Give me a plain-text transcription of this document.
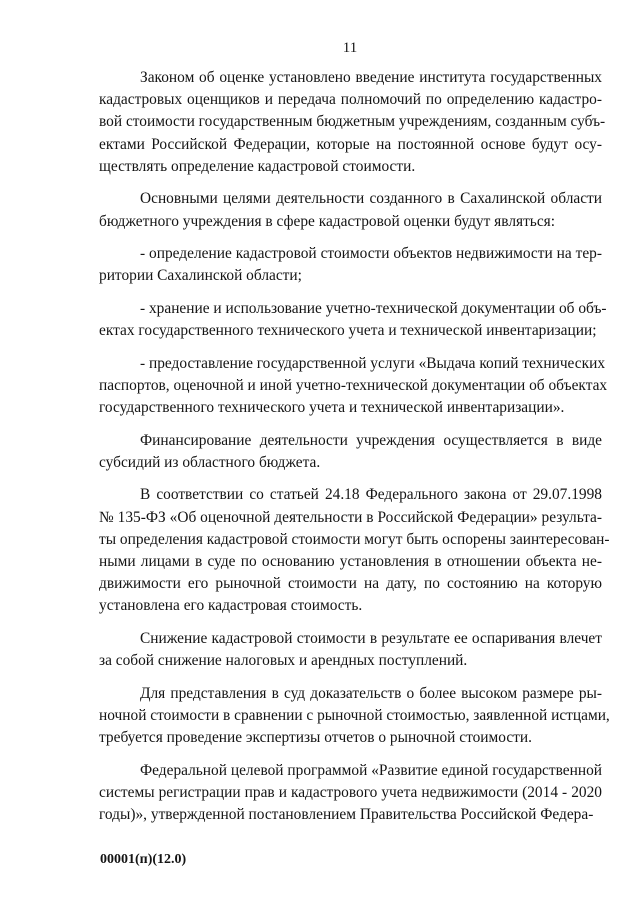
11
Законом об оценке установлено введение института государственных
кадастровых оценщиков и передача полномочий по определению кадастро-
вой стоимости государственным бюджетным учреждениям, созданным субъ-
ектами Российской Федерации, которые на постоянной основе будут осу-
ществлять определение кадастровой стоимости.
Основными целями деятельности созданного в Сахалинской области
бюджетного учреждения в сфере кадастровой оценки будут являться:
- определение кадастровой стоимости объектов недвижимости на тер-
ритории Сахалинской области;
- хранение и использование учетно-технической документации об объ-
ектах государственного технического учета и технической инвентаризации;
- предоставление государственной услуги «Выдача копий технических
паспортов, оценочной и иной учетно-технической документации об объектах
государственного технического учета и технической инвентаризации».
Финансирование деятельности учреждения осуществляется в виде
субсидий из областного бюджета.
В соответствии со статьей 24.18 Федерального закона от 29.07.1998
№ 135-ФЗ «Об оценочной деятельности в Российской Федерации» результа-
ты определения кадастровой стоимости могут быть оспорены заинтересован-
ными лицами в суде по основанию установления в отношении объекта не-
движимости его рыночной стоимости на дату, по состоянию на которую
установлена его кадастровая стоимость.
Снижение кадастровой стоимости в результате ее оспаривания влечет
за собой снижение налоговых и арендных поступлений.
Для представления в суд доказательств о более высоком размере ры-
ночной стоимости в сравнении с рыночной стоимостью, заявленной истцами,
требуется проведение экспертизы отчетов о рыночной стоимости.
Федеральной целевой программой «Развитие единой государственной
системы регистрации прав и кадастрового учета недвижимости (2014 - 2020
годы)», утвержденной постановлением Правительства Российской Федера-
00001(п)(12.0)
